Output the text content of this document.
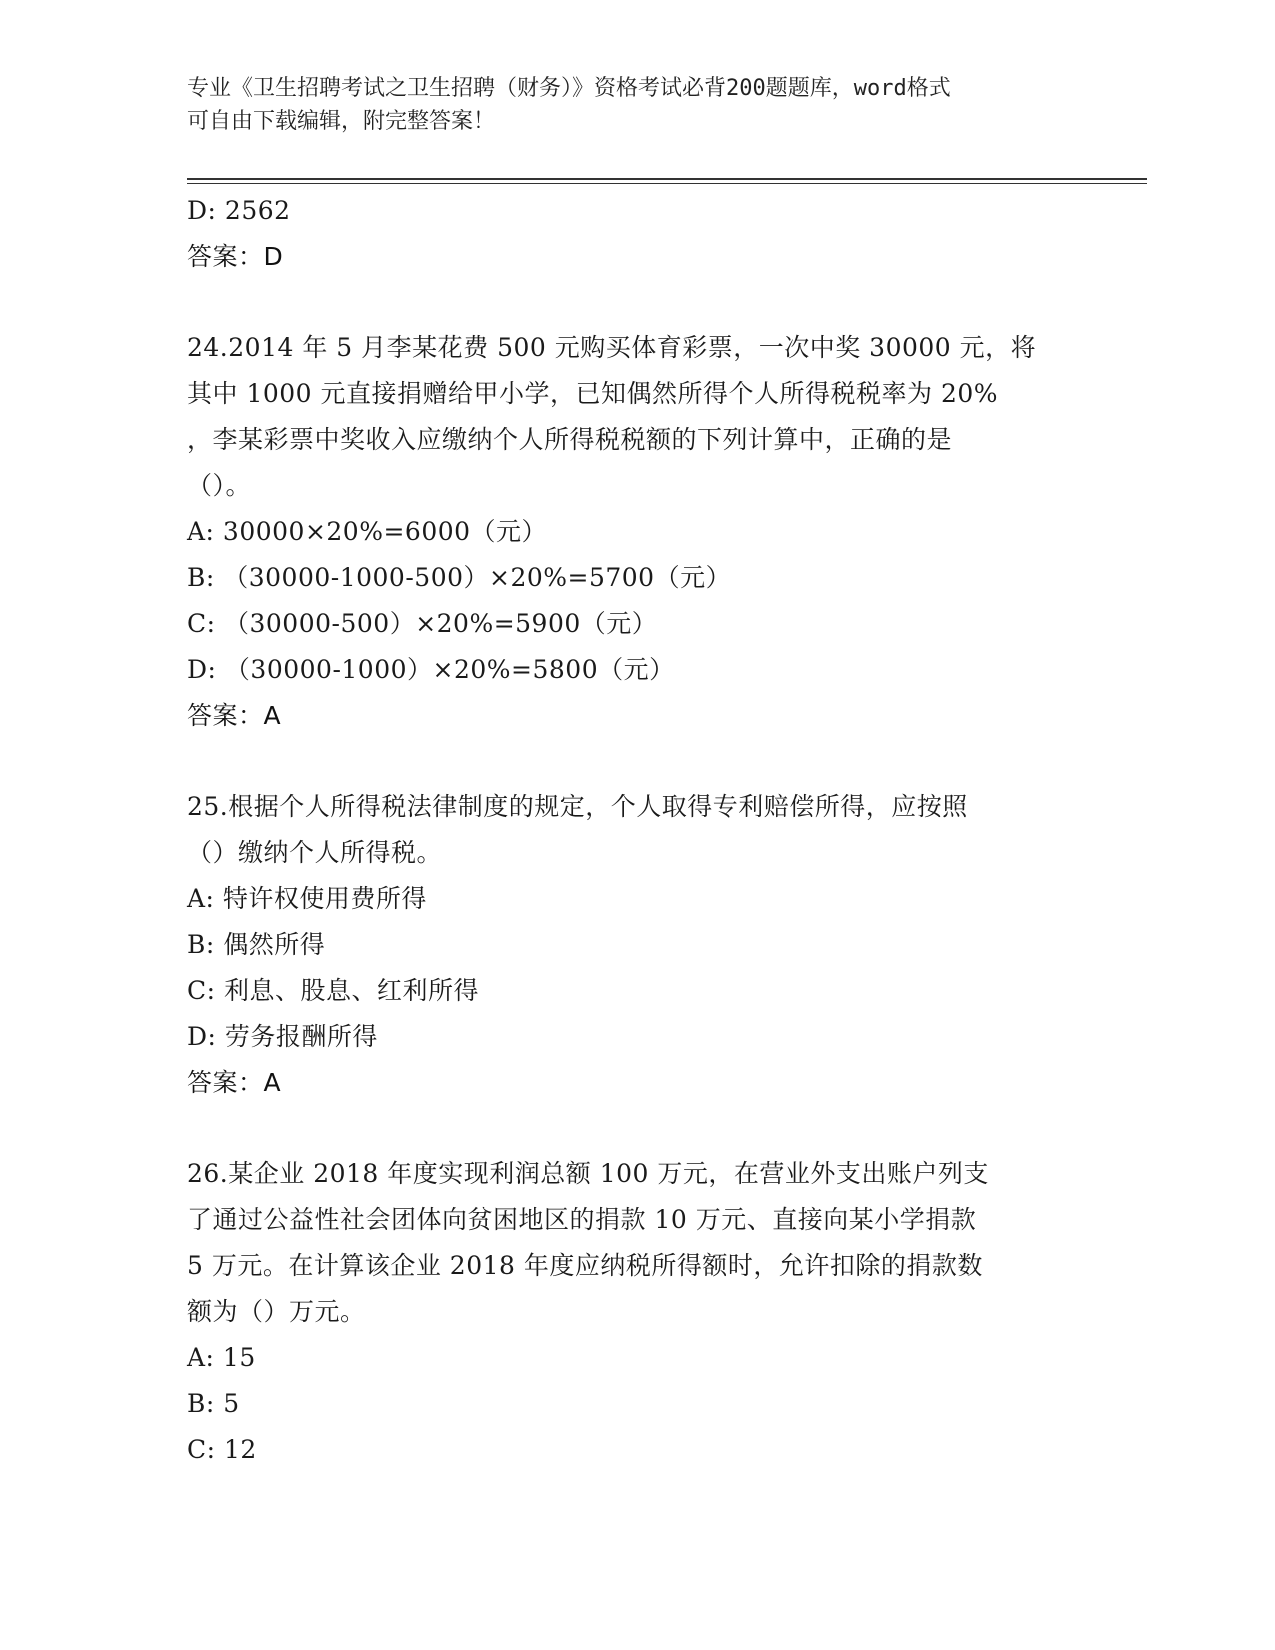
专业《卫生招聘考试之卫生招聘（财务）》资格考试必背200题题库，word格式
可自由下载编辑，附完整答案！
D: 2562
答案：D
24.2014 年 5 月李某花费 500 元购买体育彩票，一次中奖 30000 元，将
其中 1000 元直接捐赠给甲小学，已知偶然所得个人所得税税率为 20%
，李某彩票中奖收入应缴纳个人所得税税额的下列计算中，正确的是
（）。
A: 30000×20%=6000（元）
B: （30000-1000-500）×20%=5700（元）
C: （30000-500）×20%=5900（元）
D: （30000-1000）×20%=5800（元）
答案：A
25.根据个人所得税法律制度的规定，个人取得专利赔偿所得，应按照
（）缴纳个人所得税。
A: 特许权使用费所得
B: 偶然所得
C: 利息、股息、红利所得
D: 劳务报酬所得
答案：A
26.某企业 2018 年度实现利润总额 100 万元，在营业外支出账户列支
了通过公益性社会团体向贫困地区的捐款 10 万元、直接向某小学捐款
5 万元。在计算该企业 2018 年度应纳税所得额时，允许扣除的捐款数
额为（）万元。
A: 15
B: 5
C: 12
